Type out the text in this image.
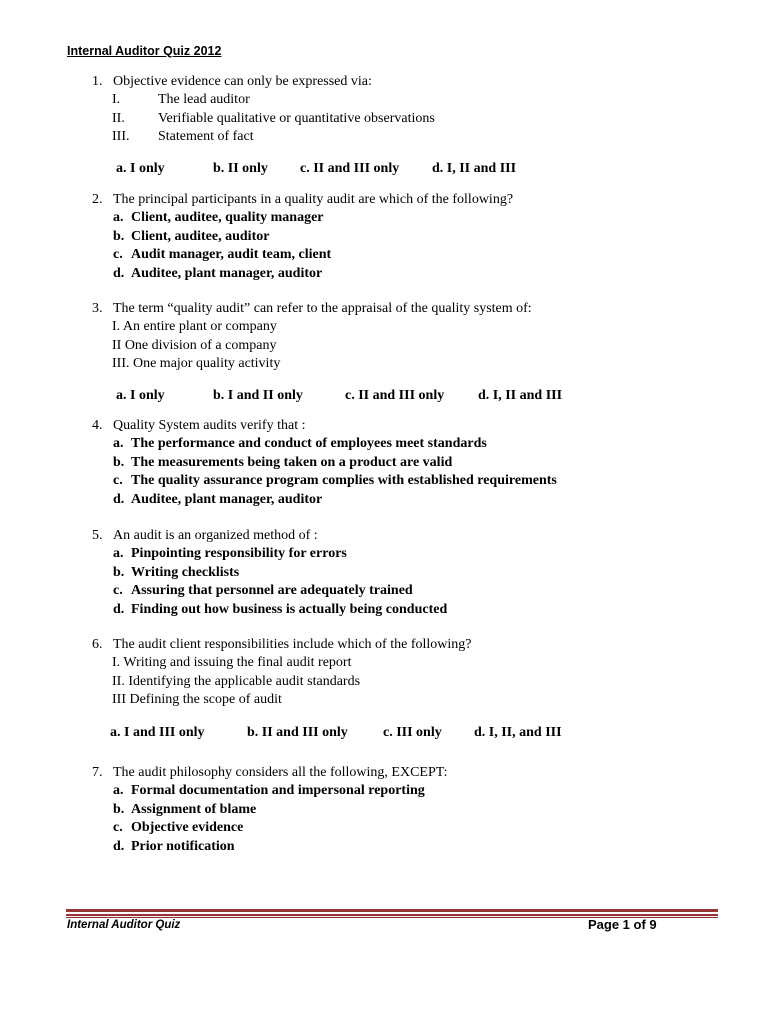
Internal Auditor Quiz 2012
1. Objective evidence can only be expressed via:
I.	The lead auditor
II.	Verifiable qualitative or quantitative observations
III.	Statement of fact
a. I only	b. II only c. II and III only d. I, II and III
2. The principal participants in a quality audit are which of the following?
a. Client, auditee, quality manager
b. Client, auditee, auditor
c. Audit manager, audit team, client
d. Auditee, plant manager, auditor
3. The term “quality audit” can refer to the appraisal of the quality system of:
I. An entire plant or company
II One division of a company
III. One major quality activity
a. I only	b. I and II only	c. II and III only d. I, II and III
4. Quality System audits verify that :
a. The performance and conduct of employees meet standards
b. The measurements being taken on a product are valid
c. The quality assurance program complies with established requirements
d. Auditee, plant manager, auditor
5. An audit is an organized method of :
a. Pinpointing responsibility for errors
b. Writing checklists
c. Assuring that personnel are adequately trained
d. Finding out how business is actually being conducted
6. The audit client responsibilities include which of the following?
I. Writing and issuing the final audit report
II. Identifying the applicable audit standards
III Defining the scope of audit
a. I and III only	b. II and III only	c. III only d. I, II, and III
7. The audit philosophy considers all the following, EXCEPT:
a. Formal documentation and impersonal reporting
b. Assignment of blame
c. Objective evidence
d. Prior notification
Internal Auditor Quiz	Page 1 of 9
